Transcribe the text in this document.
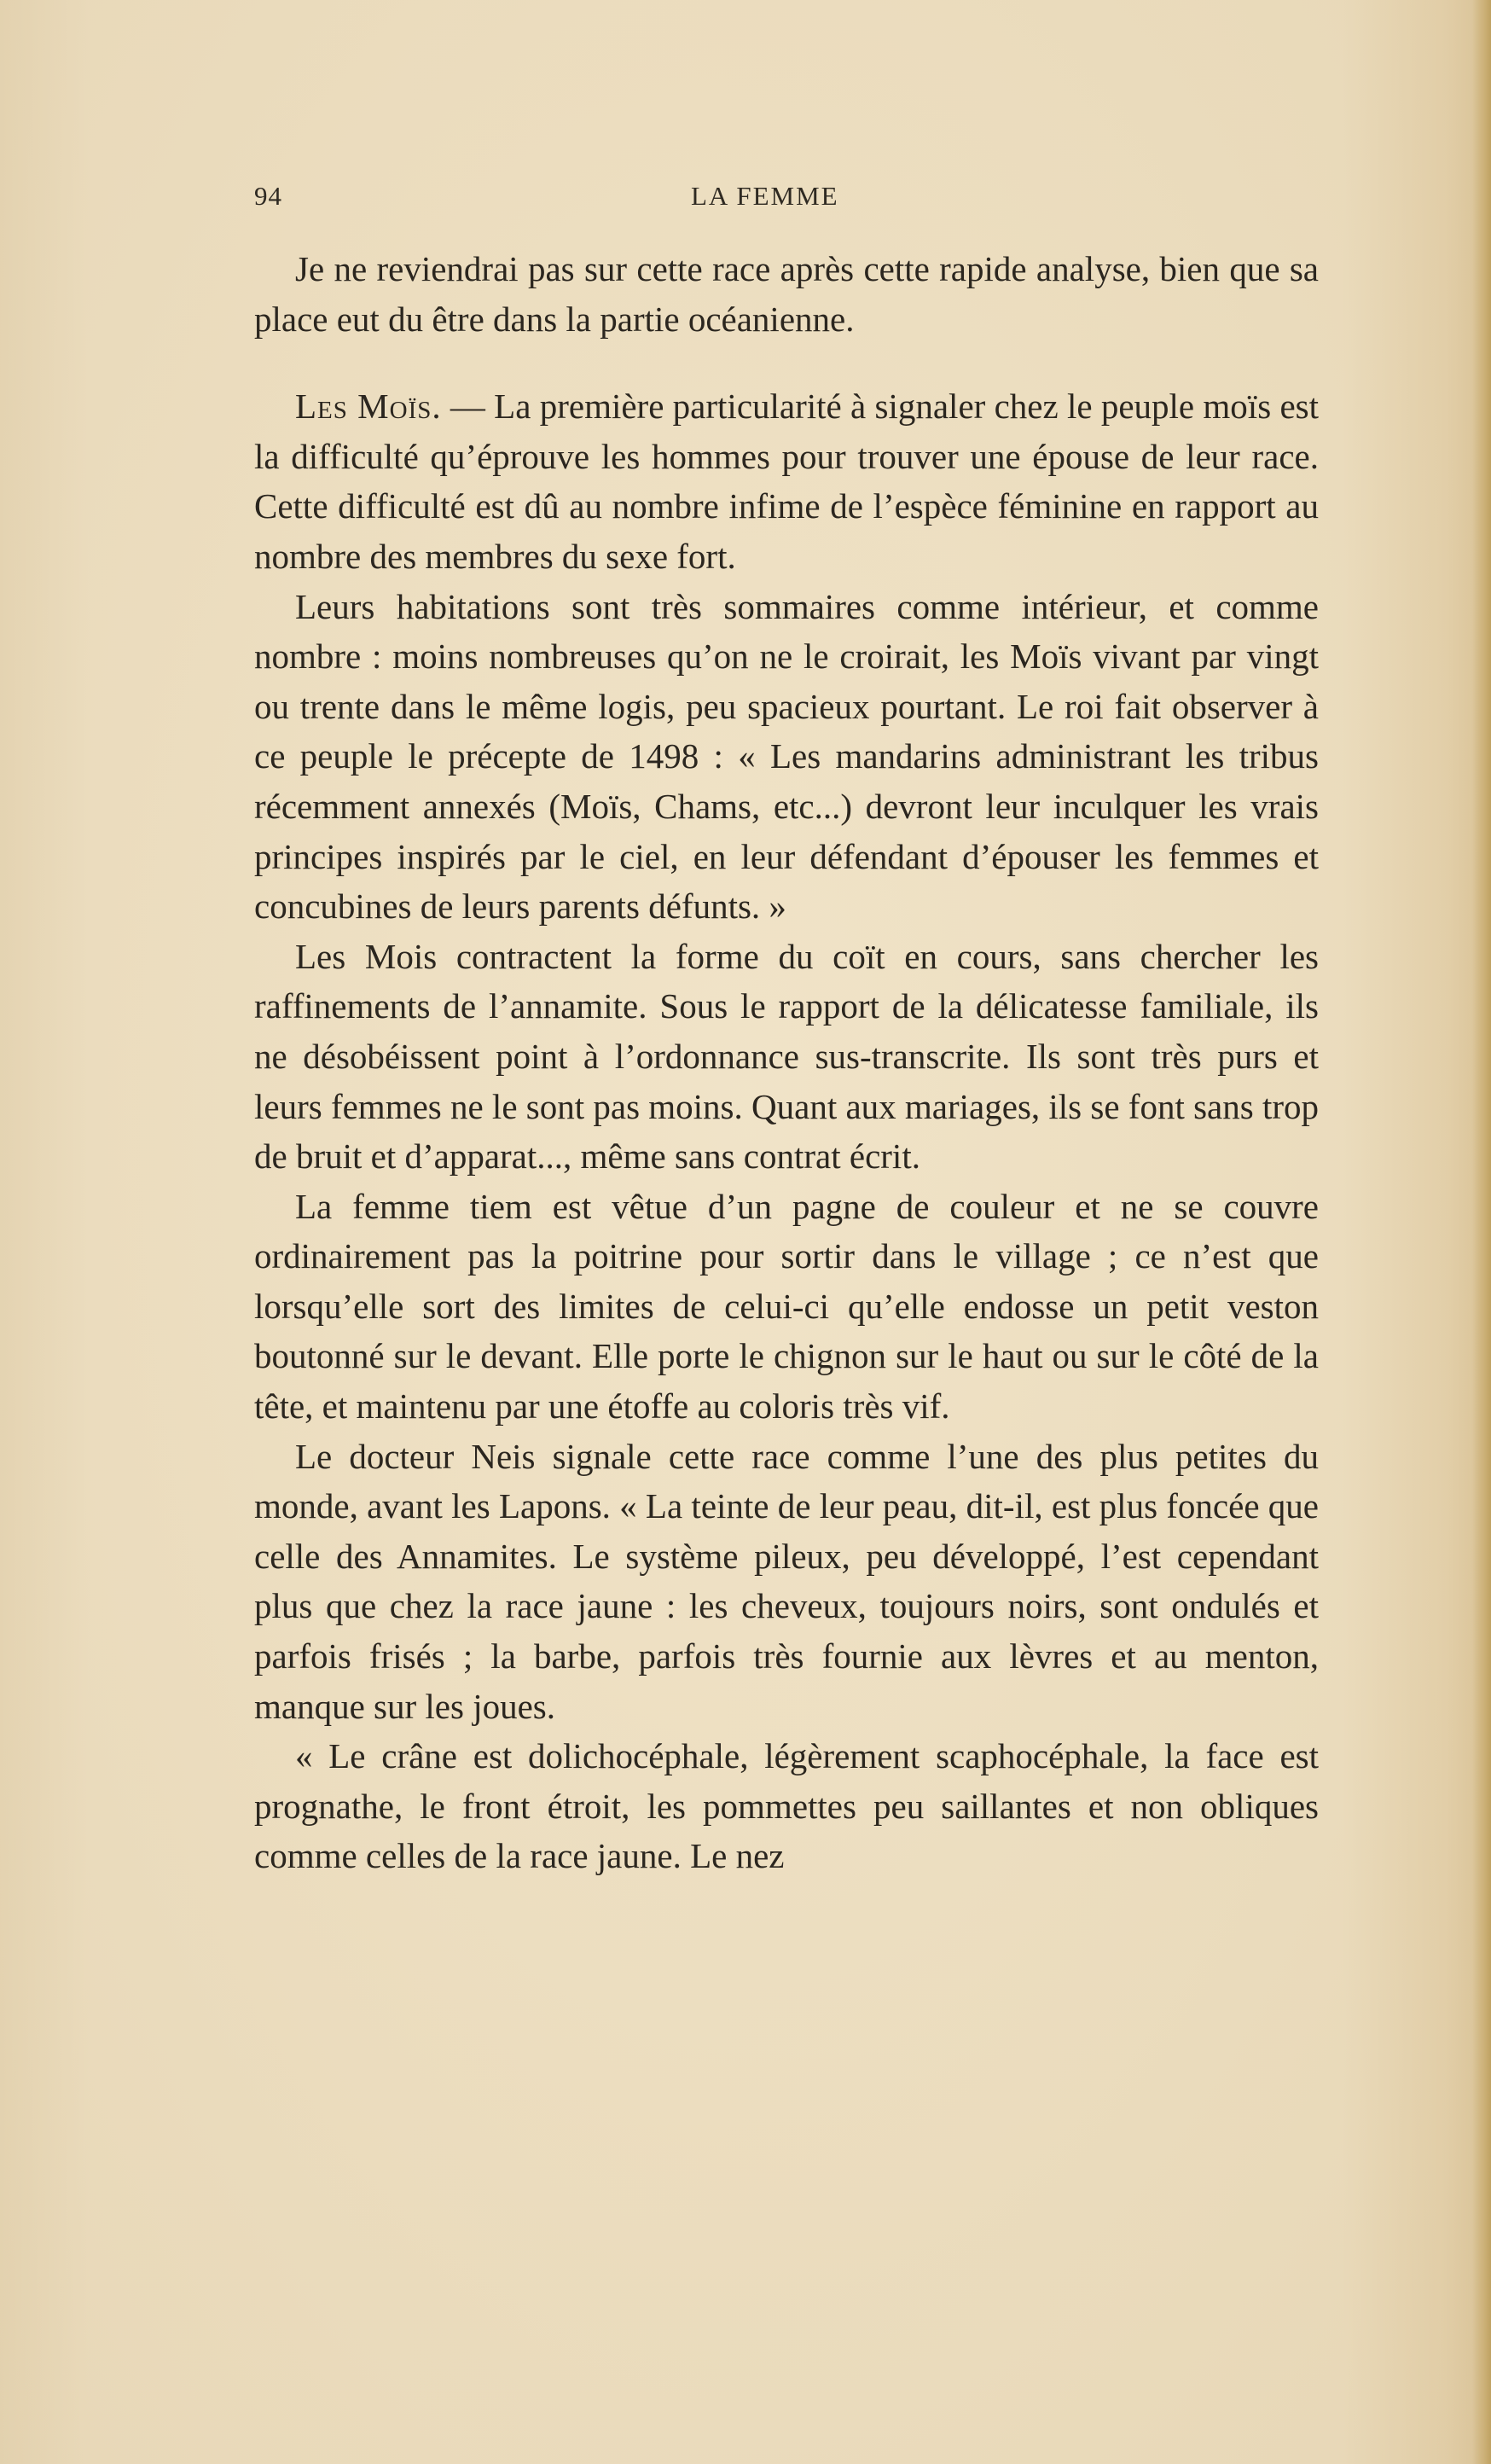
94	LA FEMME

Je ne reviendrai pas sur cette race après cette rapide analyse, bien que sa place eut du être dans la partie océanienne.

Les Moïs. — La première particularité à signaler chez le peuple moïs est la difficulté qu’éprouve les hommes pour trouver une épouse de leur race. Cette difficulté est dû au nombre infime de l’espèce féminine en rapport au nombre des membres du sexe fort.

Leurs habitations sont très sommaires comme intérieur, et comme nombre : moins nombreuses qu’on ne le croirait, les Moïs vivant par vingt ou trente dans le même logis, peu spacieux pourtant. Le roi fait observer à ce peuple le précepte de 1498 : « Les mandarins administrant les tribus récemment annexés (Moïs, Chams, etc...) devront leur inculquer les vrais principes inspirés par le ciel, en leur défendant d’épouser les femmes et concubines de leurs parents défunts. »

Les Mois contractent la forme du coït en cours, sans chercher les raffinements de l’annamite. Sous le rapport de la délicatesse familiale, ils ne désobéissent point à l’ordonnance sus-transcrite. Ils sont très purs et leurs femmes ne le sont pas moins. Quant aux mariages, ils se font sans trop de bruit et d’apparat..., même sans contrat écrit.

La femme tiem est vêtue d’un pagne de couleur et ne se couvre ordinairement pas la poitrine pour sortir dans le village ; ce n’est que lorsqu’elle sort des limites de celui-ci qu’elle endosse un petit veston boutonné sur le devant. Elle porte le chignon sur le haut ou sur le côté de la tête, et maintenu par une étoffe au coloris très vif.

Le docteur Neis signale cette race comme l’une des plus petites du monde, avant les Lapons. « La teinte de leur peau, dit-il, est plus foncée que celle des Annamites. Le système pileux, peu développé, l’est cependant plus que chez la race jaune : les cheveux, toujours noirs, sont ondulés et parfois frisés ; la barbe, parfois très fournie aux lèvres et au menton, manque sur les joues.

« Le crâne est dolichocéphale, légèrement scaphocéphale, la face est prognathe, le front étroit, les pommettes peu saillantes et non obliques comme celles de la race jaune. Le nez
